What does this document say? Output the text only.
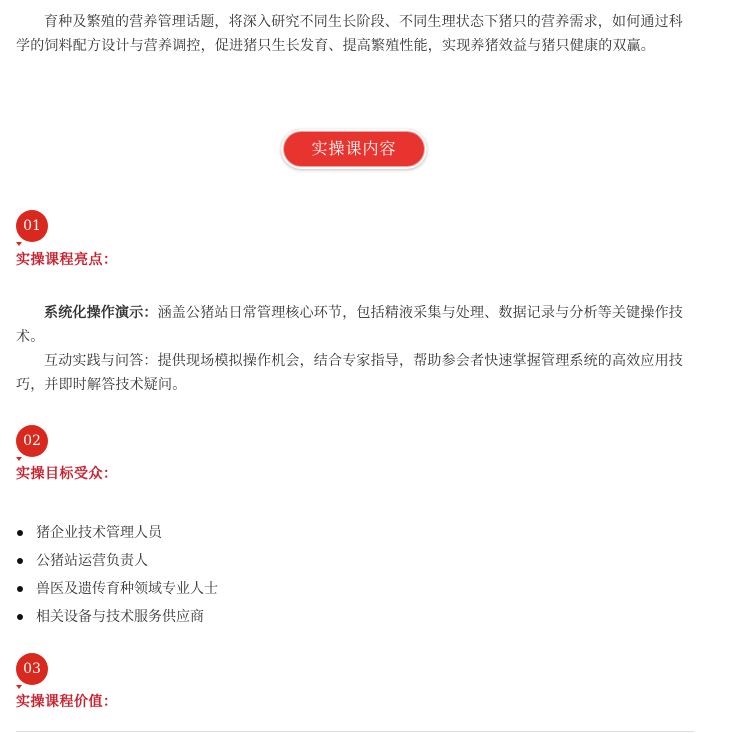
育种及繁殖的营养管理话题，将深入研究不同生长阶段、不同生理状态下猪只的营养需求，如何通过科学的饲料配方设计与营养调控，促进猪只生长发育、提高繁殖性能，实现养猪效益与猪只健康的双赢。

实操课内容
01
实操课程亮点：

系统化操作演示：涵盖公猪站日常管理核心环节，包括精液采集与处理、数据记录与分析等关键操作技术。

互动实践与问答：提供现场模拟操作机会，结合专家指导，帮助参会者快速掌握管理系统的高效应用技巧，并即时解答技术疑问。

02
实操目标受众：
猪企业技术管理人员
公猪站运营负责人
兽医及遗传育种领域专业人士
相关设备与技术服务供应商
03
实操课程价值：
